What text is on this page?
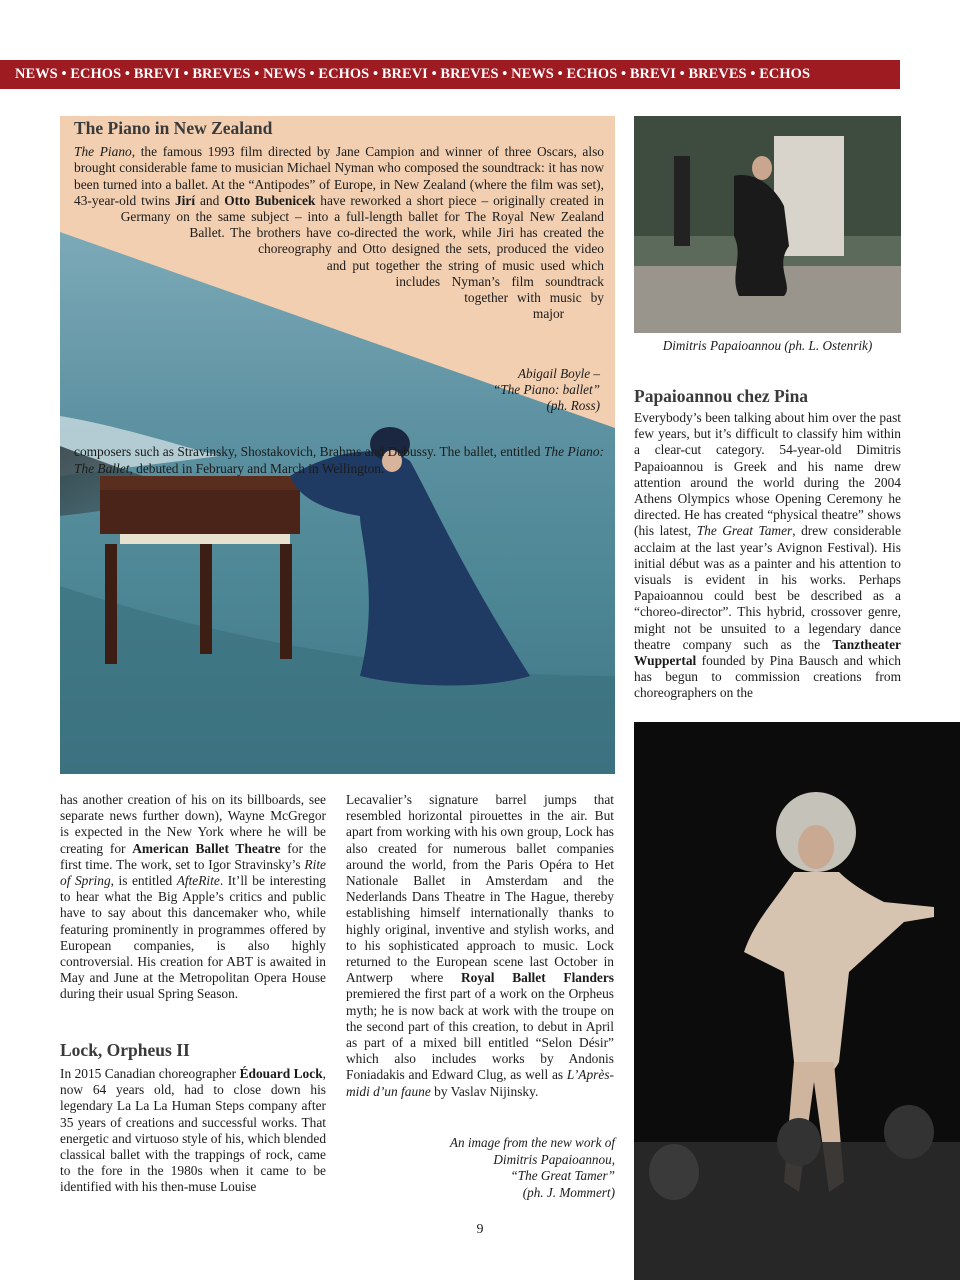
NEWS • ECHOS • BREVI • BREVES • NEWS • ECHOS • BREVI • BREVES • NEWS • ECHOS • BREVI • BREVES • ECHOS
The Piano in New Zealand

The Piano, the famous 1993 film directed by Jane Campion and winner of three Oscars, also brought considerable fame to musician Michael Nyman who composed the soundtrack: it has now been turned into a ballet. At the “Antipodes” of Europe, in New Zealand (where the film was set), 43-year-old twins Jirí and Otto Bubenicek have reworked a short piece – originally created in Germany on the same subject – into a full-length ballet for The Royal New Zealand Ballet. The brothers have co-directed the work, while Jiri has created the choreography and Otto designed the sets, produced the video and put together the string of music used which includes Nyman’s film soundtrack together with music by major composers such as Stravinsky, Shostakovich, Brahms and Debussy. The ballet, entitled The Piano: The Ballet, debuted in February and March in Wellington.

Abigail Boyle –
“The Piano: ballet”
(ph. Ross)
Dimitris Papaioannou (ph. L. Ostenrik)
Papaioannou chez Pina

Everybody’s been talking about him over the past few years, but it’s difficult to classify him within a clear-cut category. 54-year-old Dimitris Papaioannou is Greek and his name drew attention around the world during the 2004 Athens Olympics whose Opening Ceremony he directed. He has created “physical theatre” shows (his latest, The Great Tamer, drew considerable acclaim at the last year’s Avignon Festival). His initial début was as a painter and his attention to visuals is evident in his works. Perhaps Papaioannou could best be described as a “choreo-director”. This hybrid, crossover genre, might not be unsuited to a legendary dance theatre company such as the Tanztheater Wuppertal founded by Pina Bausch and which has begun to commission creations from choreographers on the

has another creation of his on its billboards, see separate news further down), Wayne McGregor is expected in the New York where he will be creating for American Ballet Theatre for the first time. The work, set to Igor Stravinsky’s Rite of Spring, is entitled AfteRite. It’ll be interesting to hear what the Big Apple’s critics and public have to say about this dancemaker who, while featuring prominently in programmes offered by European companies, is also highly controversial. His creation for ABT is awaited in May and June at the Metropolitan Opera House during their usual Spring Season.

Lock, Orpheus II

In 2015 Canadian choreographer Édouard Lock, now 64 years old, had to close down his legendary La La La Human Steps company after 35 years of creations and successful works. That energetic and virtuoso style of his, which blended classical ballet with the trappings of rock, came to the fore in the 1980s when it came to be identified with his then-muse Louise

Lecavalier’s signature barrel jumps that resembled horizontal pirouettes in the air. But apart from working with his own group, Lock has also created for numerous ballet companies around the world, from the Paris Opéra to Het Nationale Ballet in Amsterdam and the Nederlands Dans Theatre in The Hague, thereby establishing himself internationally thanks to highly original, inventive and stylish works, and to his sophisticated approach to music. Lock returned to the European scene last October in Antwerp where Royal Ballet Flanders premiered the first part of a work on the Orpheus myth; he is now back at work with the troupe on the second part of this creation, to debut in April as part of a mixed bill entitled “Selon Désir” which also includes works by Andonis Foniadakis and Edward Clug, as well as L’Après-midi d’un faune by Vaslav Nijinsky.

An image from the new work of
Dimitris Papaioannou,
“The Great Tamer”
(ph. J. Mommert)
9
